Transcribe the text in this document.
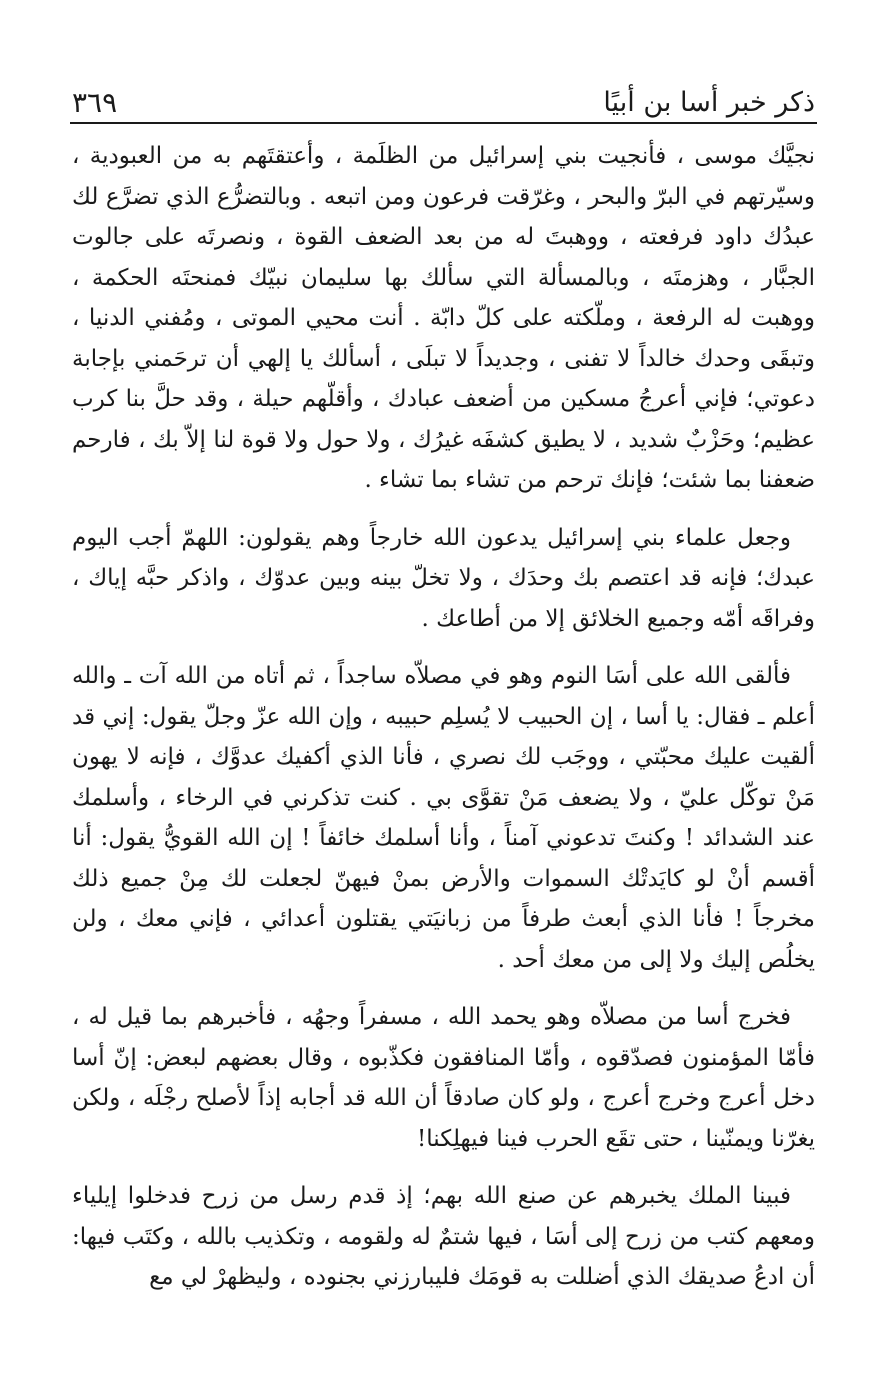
ذكر خبر أسا بن أبيًا
٣٦٩

نجيَّك موسى ، فأنجيت بني إسرائيل من الظلَمة ، وأعتقتَهم به من العبودية ، وسيّرتهم في البرّ والبحر ، وغرّقت فرعون ومن اتبعه . وبالتضرُّع الذي تضرَّع لك عبدُك داود فرفعته ، ووهبتَ له من بعد الضعف القوة ، ونصرتَه على جالوت الجبَّار ، وهزمتَه ، وبالمسألة التي سألك بها سليمان نبيّك فمنحتَه الحكمة ، ووهبت له الرفعة ، وملّكته على كلّ دابّة . أنت محيي الموتى ، ومُفني الدنيا ، وتبقَى وحدك خالداً لا تفنى ، وجديداً لا تبلَى ، أسألك يا إلهي أن ترحَمني بإجابة دعوتي؛ فإني أعرجُ مسكين من أضعف عبادك ، وأقلّهم حيلة ، وقد حلَّ بنا كرب عظيم؛ وحَزْبٌ شديد ، لا يطيق كشفَه غيرُك ، ولا حول ولا قوة لنا إلاّ بك ، فارحم ضعفنا بما شئت؛ فإنك ترحم من تشاء بما تشاء .

وجعل علماء بني إسرائيل يدعون الله خارجاً وهم يقولون: اللهمّ أجب اليوم عبدك؛ فإنه قد اعتصم بك وحدَك ، ولا تخلّ بينه وبين عدوّك ، واذكر حبَّه إياك ، وفراقَه أمّه وجميع الخلائق إلا من أطاعك .

فألقى الله على أسَا النوم وهو في مصلاّه ساجداً ، ثم أتاه من الله آت ـ والله أعلم ـ فقال: يا أسا ، إن الحبيب لا يُسلِم حبيبه ، وإن الله عزّ وجلّ يقول: إني قد ألقيت عليك محبّتي ، ووجَب لك نصري ، فأنا الذي أكفيك عدوَّك ، فإنه لا يهون مَنْ توكّل عليّ ، ولا يضعف مَنْ تقوَّى بي . كنت تذكرني في الرخاء ، وأسلمك عند الشدائد ! وكنتَ تدعوني آمناً ، وأنا أسلمك خائفاً ! إن الله القويُّ يقول: أنا أقسم أنْ لو كايَدتْك السموات والأرض بمنْ فيهنّ لجعلت لك مِنْ جميع ذلك مخرجاً ! فأنا الذي أبعث طرفاً من زبانيَتي يقتلون أعدائي ، فإني معك ، ولن يخلُص إليك ولا إلى من معك أحد .

فخرج أسا من مصلاّه وهو يحمد الله ، مسفراً وجهُه ، فأخبرهم بما قيل له ، فأمّا المؤمنون فصدّقوه ، وأمّا المنافقون فكذّبوه ، وقال بعضهم لبعض: إنّ أسا دخل أعرج وخرج أعرج ، ولو كان صادقاً أن الله قد أجابه إذاً لأصلح رجْلَه ، ولكن يغرّنا ويمنّينا ، حتى تقَع الحرب فينا فيهلِكنا!

فبينا الملك يخبرهم عن صنع الله بهم؛ إذ قدم رسل من زرح فدخلوا إيلياء ومعهم كتب من زرح إلى أسَا ، فيها شتمٌ له ولقومه ، وتكذيب بالله ، وكتَب فيها: أن ادعُ صديقك الذي أضللت به قومَك فليبارزني بجنوده ، وليظهرْ لي مع
